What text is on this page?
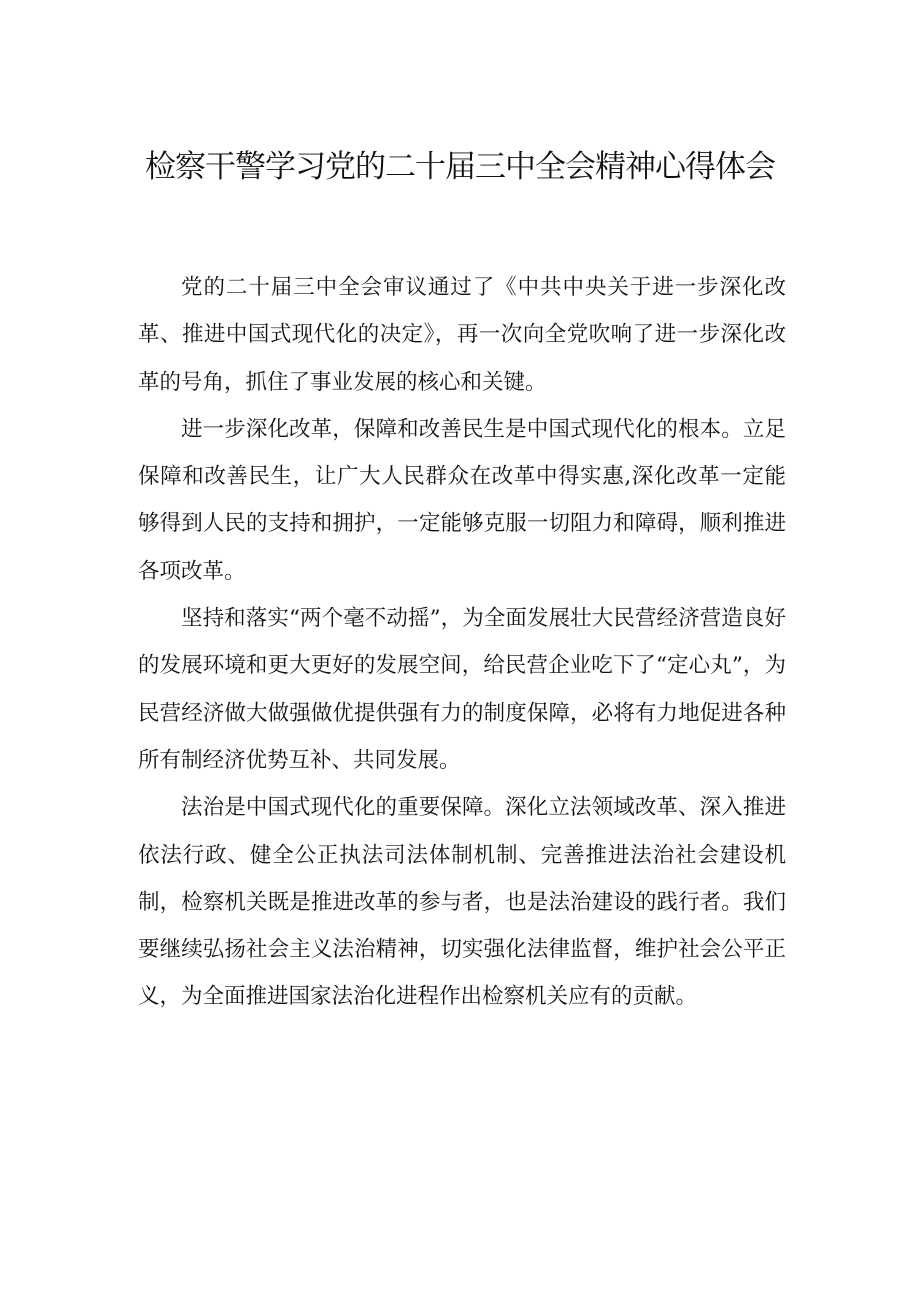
检察干警学习党的二十届三中全会精神心得体会

党的二十届三中全会审议通过了《中共中央关于进一步深化改革、推进中国式现代化的决定》，再一次向全党吹响了进一步深化改革的号角，抓住了事业发展的核心和关键。

进一步深化改革，保障和改善民生是中国式现代化的根本。立足保障和改善民生，让广大人民群众在改革中得实惠,深化改革一定能够得到人民的支持和拥护，一定能够克服一切阻力和障碍，顺利推进各项改革。

坚持和落实“两个毫不动摇”，为全面发展壮大民营经济营造良好的发展环境和更大更好的发展空间，给民营企业吃下了“定心丸”，为民营经济做大做强做优提供强有力的制度保障，必将有力地促进各种所有制经济优势互补、共同发展。

法治是中国式现代化的重要保障。深化立法领域改革、深入推进依法行政、健全公正执法司法体制机制、完善推进法治社会建设机制，检察机关既是推进改革的参与者，也是法治建设的践行者。我们要继续弘扬社会主义法治精神，切实强化法律监督，维护社会公平正义，为全面推进国家法治化进程作出检察机关应有的贡献。
